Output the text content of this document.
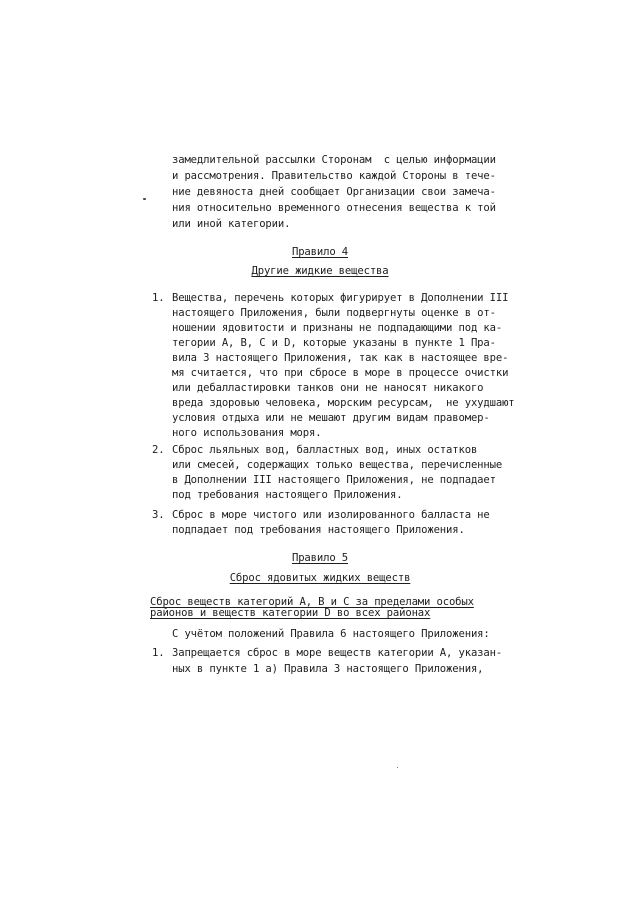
замедлительной рассылки Сторонам  с целью информации
и рассмотрения. Правительство каждой Стороны в тече-
ние девяноста дней сообщает Организации свои замеча-
ния относительно временного отнесения вещества к той
или иной категории.
Правило 4
Другие жидкие вещества
1. Вещества, перечень которых фигурирует в Дополнении III
настоящего Приложения, были подвергнуты оценке в от-
ношении ядовитости и признаны не подпадающими под ка-
тегории А, В, С и D, которые указаны в пункте 1 Пра-
вила 3 настоящего Приложения, так как в настоящее вре-
мя считается, что при сбросе в море в процессе очистки
или дебалластировки танков они не наносят никакого
вреда здоровью человека, морским ресурсам,  не ухудшают
условия отдыха или не мешают другим видам правомер-
ного использования моря.
2. Сброс льяльных вод, балластных вод, иных остатков
или смесей, содержащих только вещества, перечисленные
в Дополнении III настоящего Приложения, не подпадает
под требования настоящего Приложения.
3. Сброс в море чистого или изолированного балласта не
подпадает под требования настоящего Приложения.
Правило 5
Сброс ядовитых жидких веществ
Сброс веществ категорий А, В и С за пределами особых
районов и веществ категории D во всех районах
С учётом положений Правила 6 настоящего Приложения:
1. Запрещается сброс в море веществ категории А, указан-
ных в пункте 1 а) Правила 3 настоящего Приложения,
